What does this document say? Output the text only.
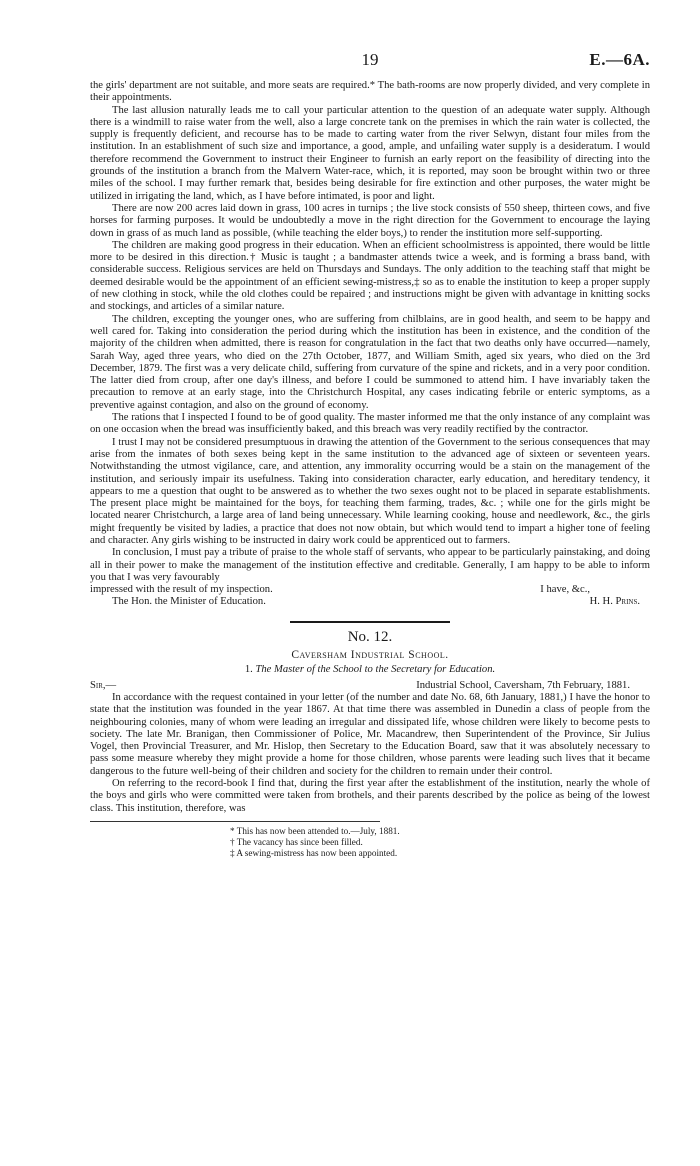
19	E.—6A.

the girls' department are not suitable, and more seats are required.* The bath-rooms are now properly divided, and very complete in their appointments.

The last allusion naturally leads me to call your particular attention to the question of an adequate water supply. Although there is a windmill to raise water from the well, also a large concrete tank on the premises in which the rain water is collected, the supply is frequently deficient, and recourse has to be made to carting water from the river Selwyn, distant four miles from the institution. In an establishment of such size and importance, a good, ample, and unfailing water supply is a desideratum. I would therefore recommend the Government to instruct their Engineer to furnish an early report on the feasibility of directing into the grounds of the institution a branch from the Malvern Water-race, which, it is reported, may soon be brought within two or three miles of the school. I may further remark that, besides being desirable for fire extinction and other purposes, the water might be utilized in irrigating the land, which, as I have before intimated, is poor and light.

There are now 200 acres laid down in grass, 100 acres in turnips ; the live stock consists of 550 sheep, thirteen cows, and five horses for farming purposes. It would be undoubtedly a move in the right direction for the Government to encourage the laying down in grass of as much land as possible, (while teaching the elder boys,) to render the institution more self-supporting.

The children are making good progress in their education. When an efficient schoolmistress is appointed, there would be little more to be desired in this direction.† Music is taught ; a bandmaster attends twice a week, and is forming a brass band, with considerable success. Religious services are held on Thursdays and Sundays. The only addition to the teaching staff that might be deemed desirable would be the appointment of an efficient sewing-mistress,‡ so as to enable the institution to keep a proper supply of new clothing in stock, while the old clothes could be repaired ; and instructions might be given with advantage in knitting socks and stockings, and articles of a similar nature.

The children, excepting the younger ones, who are suffering from chilblains, are in good health, and seem to be happy and well cared for. Taking into consideration the period during which the institution has been in existence, and the condition of the majority of the children when admitted, there is reason for congratulation in the fact that two deaths only have occurred—namely, Sarah Way, aged three years, who died on the 27th October, 1877, and William Smith, aged six years, who died on the 3rd December, 1879. The first was a very delicate child, suffering from curvature of the spine and rickets, and in a very poor condition. The latter died from croup, after one day's illness, and before I could be summoned to attend him. I have invariably taken the precaution to remove at an early stage, into the Christchurch Hospital, any cases indicating febrile or enteric symptoms, as a preventive against contagion, and also on the ground of economy.

The rations that I inspected I found to be of good quality. The master informed me that the only instance of any complaint was on one occasion when the bread was insufficiently baked, and this breach was very readily rectified by the contractor.

I trust I may not be considered presumptuous in drawing the attention of the Government to the serious consequences that may arise from the inmates of both sexes being kept in the same institution to the advanced age of sixteen or seventeen years. Notwithstanding the utmost vigilance, care, and attention, any immorality occurring would be a stain on the management of the institution, and seriously impair its usefulness. Taking into consideration character, early education, and hereditary tendency, it appears to me a question that ought to be answered as to whether the two sexes ought not to be placed in separate establishments. The present place might be maintained for the boys, for teaching them farming, trades, &c. ; while one for the girls might be located nearer Christchurch, a large area of land being unnecessary. While learning cooking, house and needlework, &c., the girls might frequently be visited by ladies, a practice that does not now obtain, but which would tend to impart a higher tone of feeling and character. Any girls wishing to be instructed in dairy work could be apprenticed out to farmers.

In conclusion, I must pay a tribute of praise to the whole staff of servants, who appear to be particularly painstaking, and doing all in their power to make the management of the institution effective and creditable. Generally, I am happy to be able to inform you that I was very favourably

impressed with the result of my inspection.	I have, &c.,
The Hon. the Minister of Education.	H. H. Prins.
No. 12.
Caversham Industrial School.
1. The Master of the School to the Secretary for Education.
Sir,—	Industrial School, Caversham, 7th February, 1881.

In accordance with the request contained in your letter (of the number and date No. 68, 6th January, 1881,) I have the honor to state that the institution was founded in the year 1867. At that time there was assembled in Dunedin a class of people from the neighbouring colonies, many of whom were leading an irregular and dissipated life, whose children were likely to become pests to society. The late Mr. Branigan, then Commissioner of Police, Mr. Macandrew, then Superintendent of the Province, Sir Julius Vogel, then Provincial Treasurer, and Mr. Hislop, then Secretary to the Education Board, saw that it was absolutely necessary to pass some measure whereby they might provide a home for those children, whose parents were leading such lives that it became dangerous to the future well-being of their children and society for the children to remain under their control.

On referring to the record-book I find that, during the first year after the establishment of the institution, nearly the whole of the boys and girls who were committed were taken from brothels, and their parents described by the police as being of the lowest class. This institution, therefore, was

* This has now been attended to.—July, 1881.
† The vacancy has since been filled.
‡ A sewing-mistress has now been appointed.
